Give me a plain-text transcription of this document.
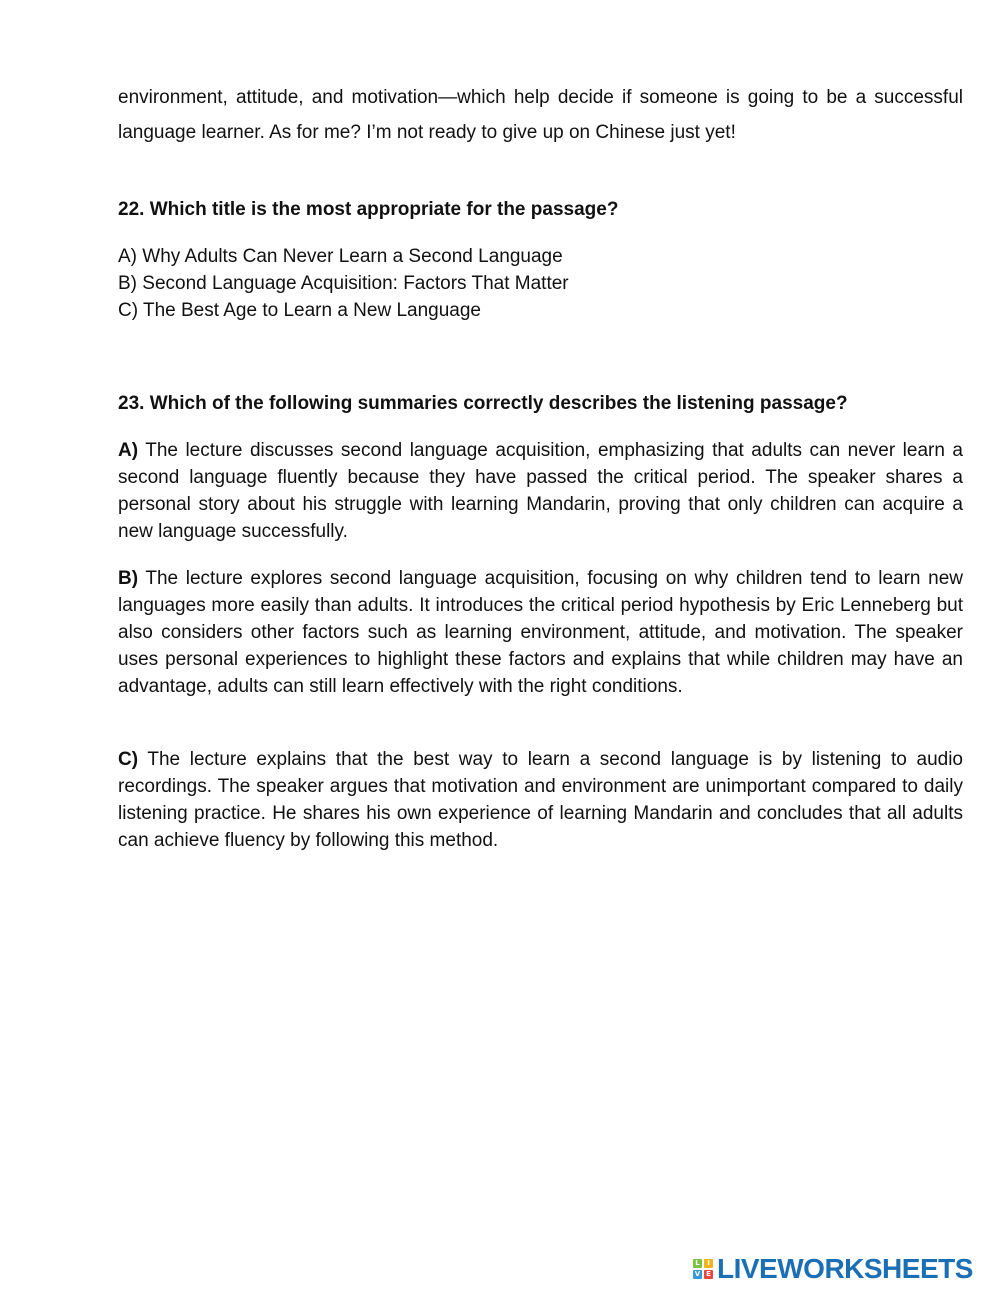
environment, attitude, and motivation—which help decide if someone is going to be a successful language learner. As for me? I’m not ready to give up on Chinese just yet!

22. Which title is the most appropriate for the passage?

A) Why Adults Can Never Learn a Second Language
B) Second Language Acquisition: Factors That Matter
C) The Best Age to Learn a New Language

23. Which of the following summaries correctly describes the listening passage?

A) The lecture discusses second language acquisition, emphasizing that adults can never learn a second language fluently because they have passed the critical period. The speaker shares a personal story about his struggle with learning Mandarin, proving that only children can acquire a new language successfully.

B) The lecture explores second language acquisition, focusing on why children tend to learn new languages more easily than adults. It introduces the critical period hypothesis by Eric Lenneberg but also considers other factors such as learning environment, attitude, and motivation. The speaker uses personal experiences to highlight these factors and explains that while children may have an advantage, adults can still learn effectively with the right conditions.

C) The lecture explains that the best way to learn a second language is by listening to audio recordings. The speaker argues that motivation and environment are unimportant compared to daily listening practice. He shares his own experience of learning Mandarin and concludes that all adults can achieve fluency by following this method.

L	I
V E LIVEWORKSHEETS
